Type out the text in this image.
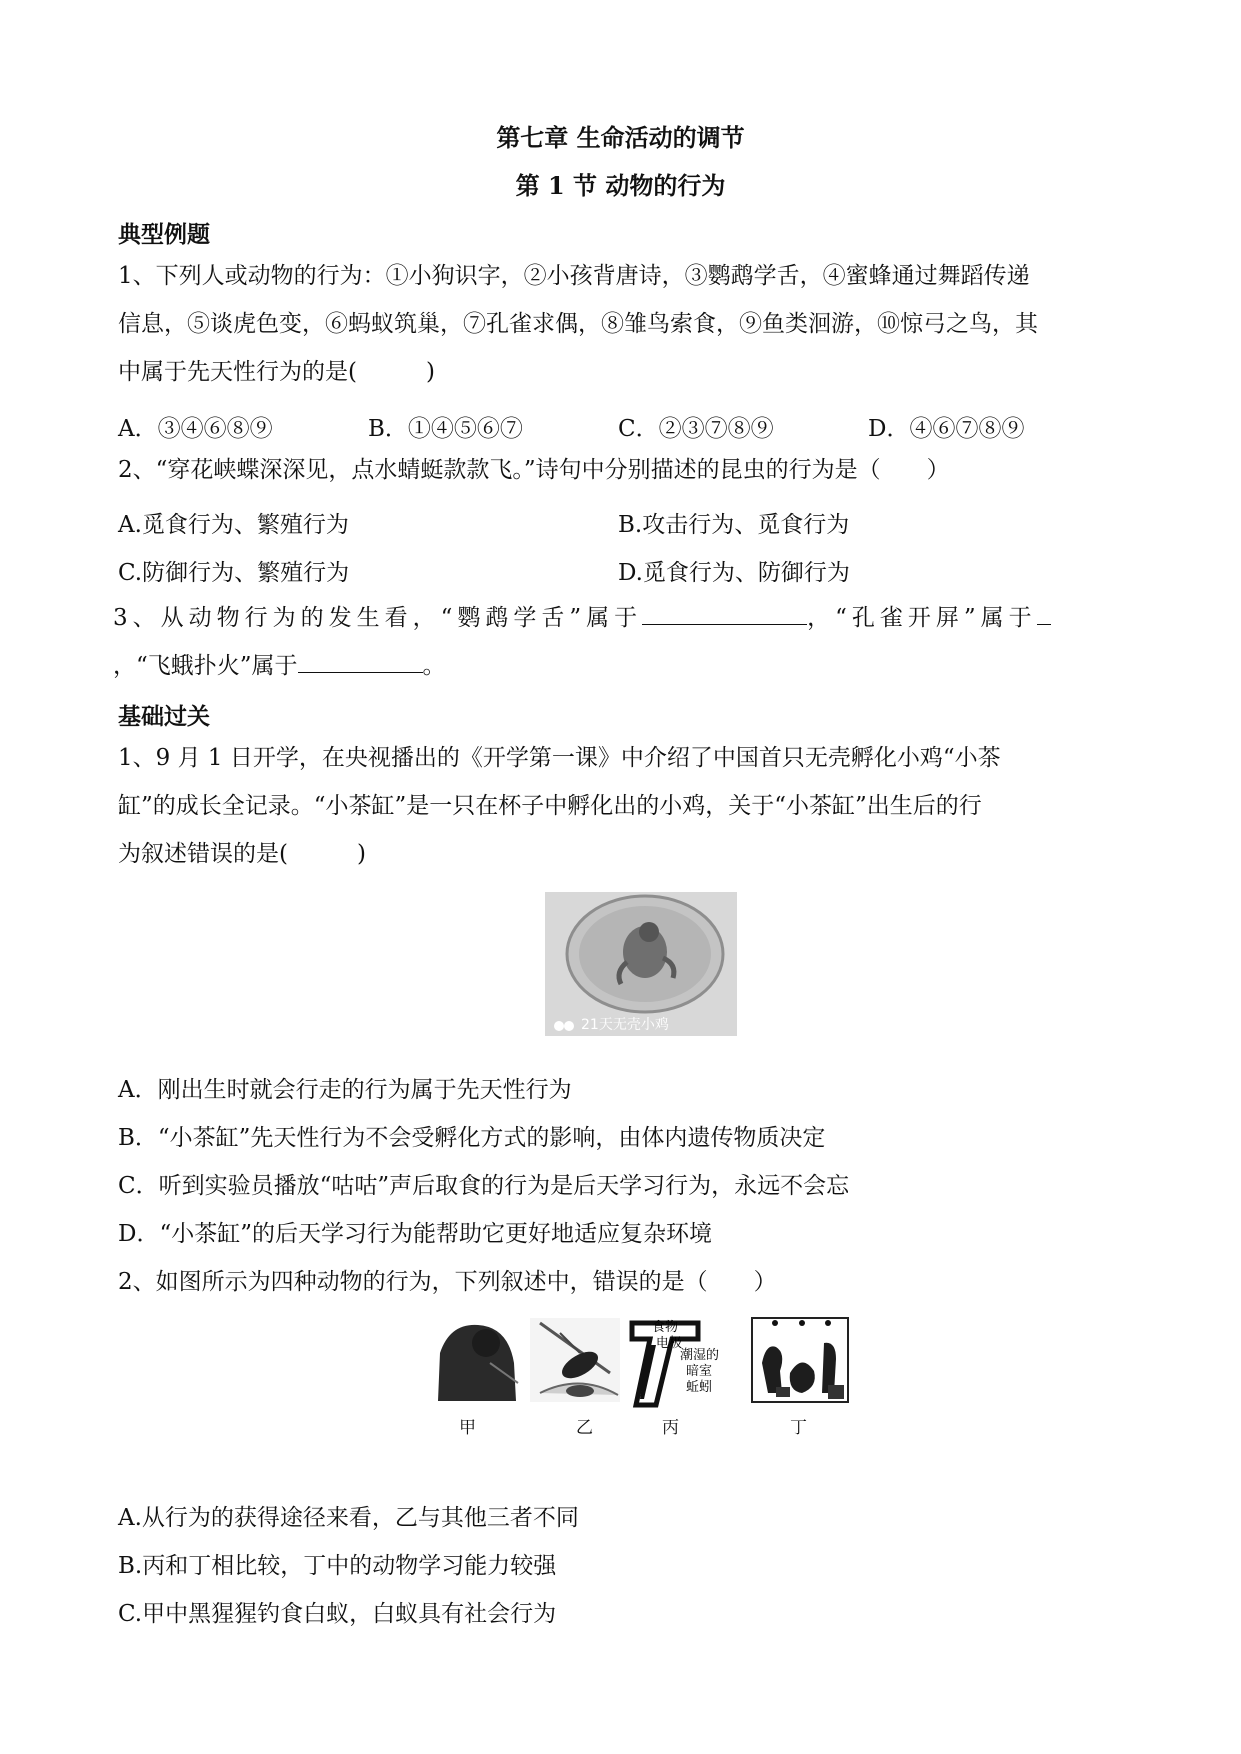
第七章 生命活动的调节
第 1 节 动物的行为
典型例题
1、下列人或动物的行为：①小狗识字，②小孩背唐诗，③鹦鹉学舌，④蜜蜂通过舞蹈传递
信息，⑤谈虎色变，⑥蚂蚁筑巢，⑦孔雀求偶，⑧雏鸟索食，⑨鱼类洄游，⑩惊弓之鸟，其
中属于先天性行为的是(　　　)
A．③④⑥⑧⑨	B．①④⑤⑥⑦	C．②③⑦⑧⑨	D．④⑥⑦⑧⑨
2、“穿花峡蝶深深见，点水蜻蜓款款飞。”诗句中分别描述的昆虫的行为是（　　）
A.觅食行为、繁殖行为	B.攻击行为、觅食行为
C.防御行为、繁殖行为	D.觅食行为、防御行为
3、从动物行为的发生看，“鹦鹉学舌”属于	，“孔雀开屏”属于
，“飞蛾扑火”属于	。
基础过关
1、9 月 1 日开学，在央视播出的《开学第一课》中介绍了中国首只无壳孵化小鸡“小茶
缸”的成长全记录。“小茶缸”是一只在杯子中孵化出的小鸡，关于“小茶缸”出生后的行
为叙述错误的是(　　　)
21天无壳小鸡
A．刚出生时就会行走的行为属于先天性行为
B．“小茶缸”先天性行为不会受孵化方式的影响，由体内遗传物质决定
C．听到实验员播放“咕咕”声后取食的行为是后天学习行为，永远不会忘
D．“小茶缸”的后天学习行为能帮助它更好地适应复杂环境
2、如图所示为四种动物的行为，下列叙述中，错误的是（　　）
食物
电极
潮湿的
暗室
蚯蚓
甲	乙	丙	丁
A.从行为的获得途径来看，乙与其他三者不同
B.丙和丁相比较，丁中的动物学习能力较强
C.甲中黑猩猩钓食白蚁，白蚁具有社会行为
